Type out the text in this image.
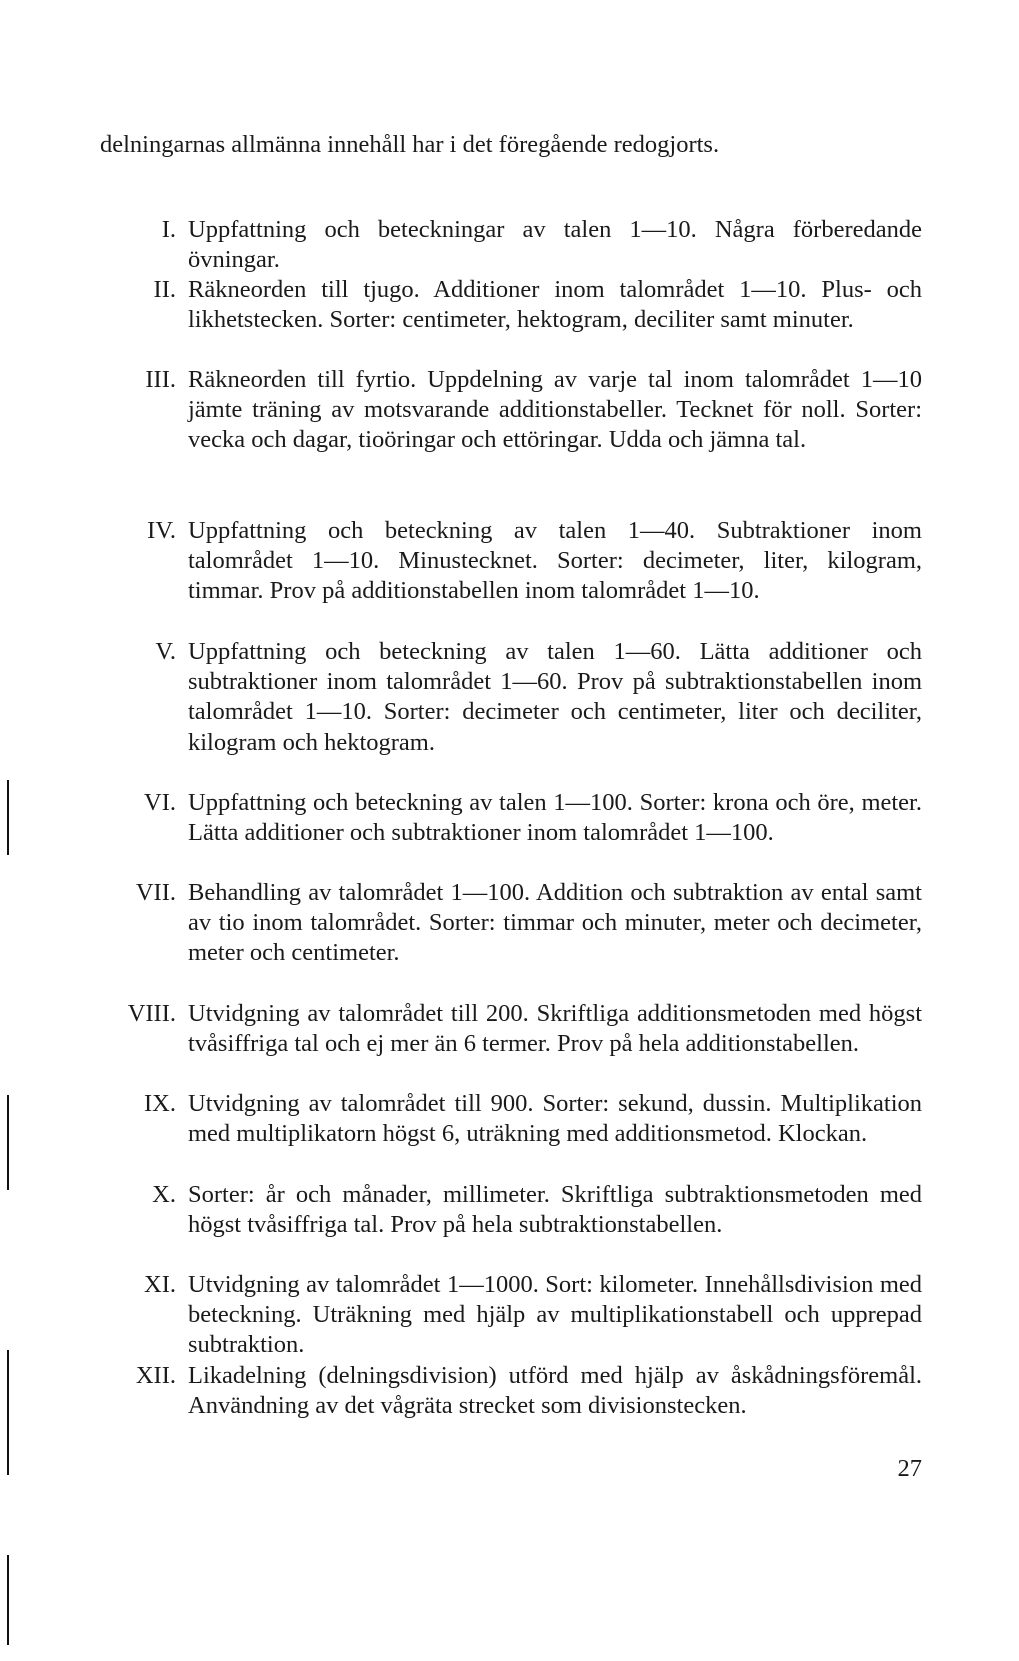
delningarnas allmänna innehåll har i det föregående redogjorts.

I. Uppfattning och beteckningar av talen 1—10. Några förberedande övningar.
II. Räkneorden till tjugo. Additioner inom talområdet 1—10. Plus- och likhetstecken. Sorter: centimeter, hektogram, deciliter samt minuter.
III. Räkneorden till fyrtio. Uppdelning av varje tal inom talområdet 1—10 jämte träning av motsvarande additionstabeller. Tecknet för noll. Sorter: vecka och dagar, tioöringar och ettöringar. Udda och jämna tal.
IV. Uppfattning och beteckning av talen 1—40. Subtraktioner inom talområdet 1—10. Minustecknet. Sorter: decimeter, liter, kilogram, timmar. Prov på additionstabellen inom talområdet 1—10.
V. Uppfattning och beteckning av talen 1—60. Lätta additioner och subtraktioner inom talområdet 1—60. Prov på subtraktionstabellen inom talområdet 1—10. Sorter: decimeter och centimeter, liter och deciliter, kilogram och hektogram.
VI. Uppfattning och beteckning av talen 1—100. Sorter: krona och öre, meter. Lätta additioner och subtraktioner inom talområdet 1—100.
VII. Behandling av talområdet 1—100. Addition och subtraktion av ental samt av tio inom talområdet. Sorter: timmar och minuter, meter och decimeter, meter och centimeter.
VIII. Utvidgning av talområdet till 200. Skriftliga additionsmetoden med högst tvåsiffriga tal och ej mer än 6 termer. Prov på hela additionstabellen.
IX. Utvidgning av talområdet till 900. Sorter: sekund, dussin. Multiplikation med multiplikatorn högst 6, uträkning med additionsmetod. Klockan.
X. Sorter: år och månader, millimeter. Skriftliga subtraktionsmetoden med högst tvåsiffriga tal. Prov på hela subtraktionstabellen.
XI. Utvidgning av talområdet 1—1000. Sort: kilometer. Innehållsdivision med beteckning. Uträkning med hjälp av multiplikationstabell och upprepad subtraktion.
XII. Likadelning (delningsdivision) utförd med hjälp av åskådningsföremål. Användning av det vågräta strecket som divisionstecken.
27
